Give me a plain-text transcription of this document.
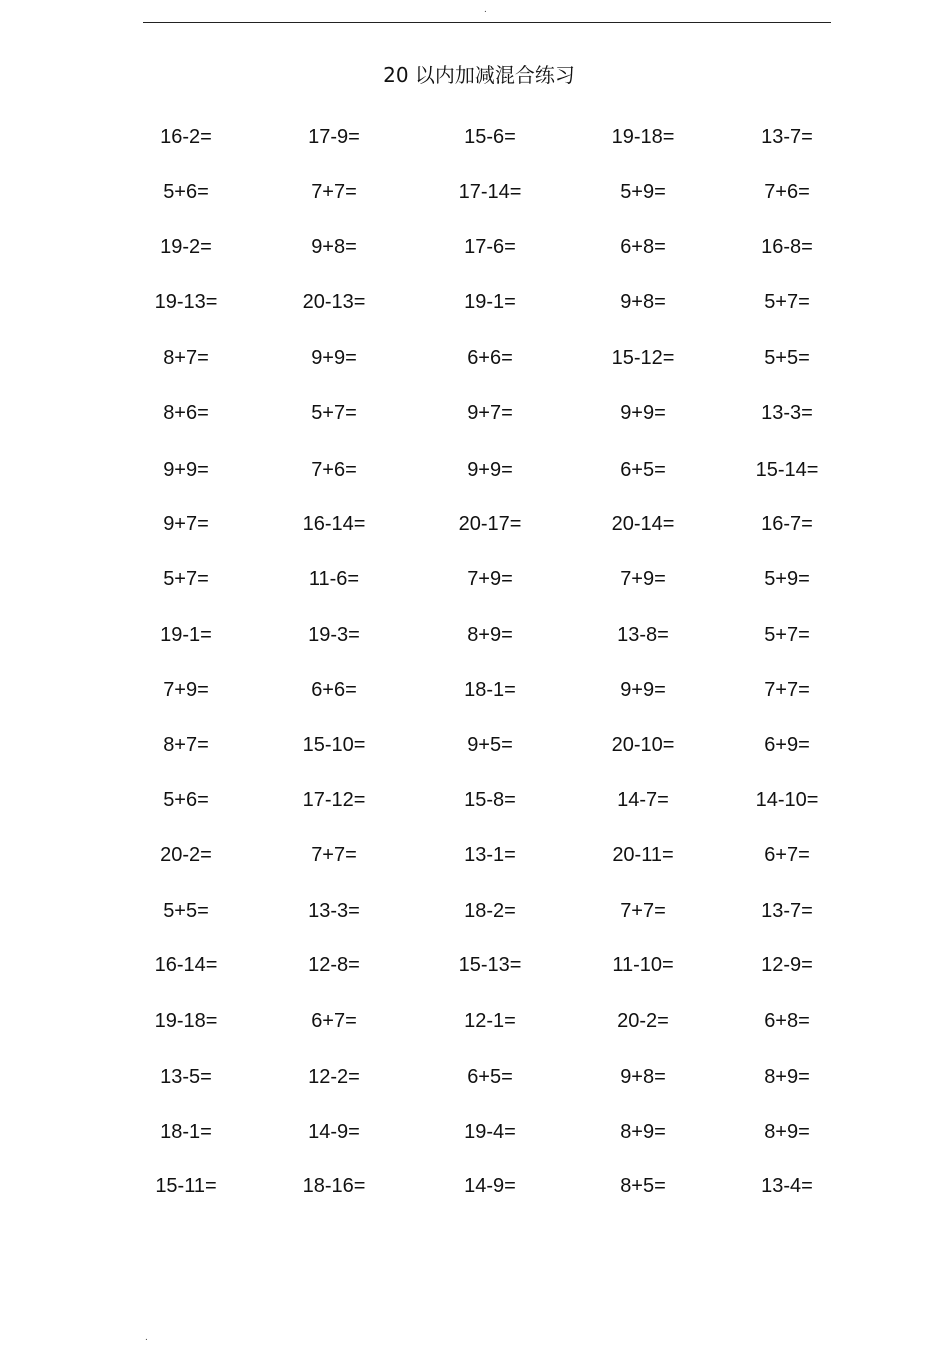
.
20 以内加减混合练习
16-2=	17-9=	15-6=	19-18=	13-7=
5+6=	7+7=	17-14=	5+9=	7+6=
19-2=	9+8=	17-6=	6+8=	16-8=
19-13=	20-13=	19-1=	9+8=	5+7=
8+7=	9+9=	6+6=	15-12=	5+5=
8+6=	5+7=	9+7=	9+9=	13-3=
9+9=	7+6=	9+9=	6+5=	15-14=
9+7=	16-14=	20-17=	20-14=	16-7=
5+7=	11-6=	7+9=	7+9=	5+9=
19-1=	19-3=	8+9=	13-8=	5+7=
7+9=	6+6=	18-1=	9+9=	7+7=
8+7=	15-10=	9+5=	20-10=	6+9=
5+6=	17-12=	15-8=	14-7=	14-10=
20-2=	7+7=	13-1=	20-11=	6+7=
5+5=	13-3=	18-2=	7+7=	13-7=
16-14=	12-8=	15-13=	11-10=	12-9=
19-18=	6+7=	12-1=	20-2=	6+8=
13-5=	12-2=	6+5=	9+8=	8+9=
18-1=	14-9=	19-4=	8+9=	8+9=
15-11=	18-16=	14-9=	8+5=	13-4=
.
